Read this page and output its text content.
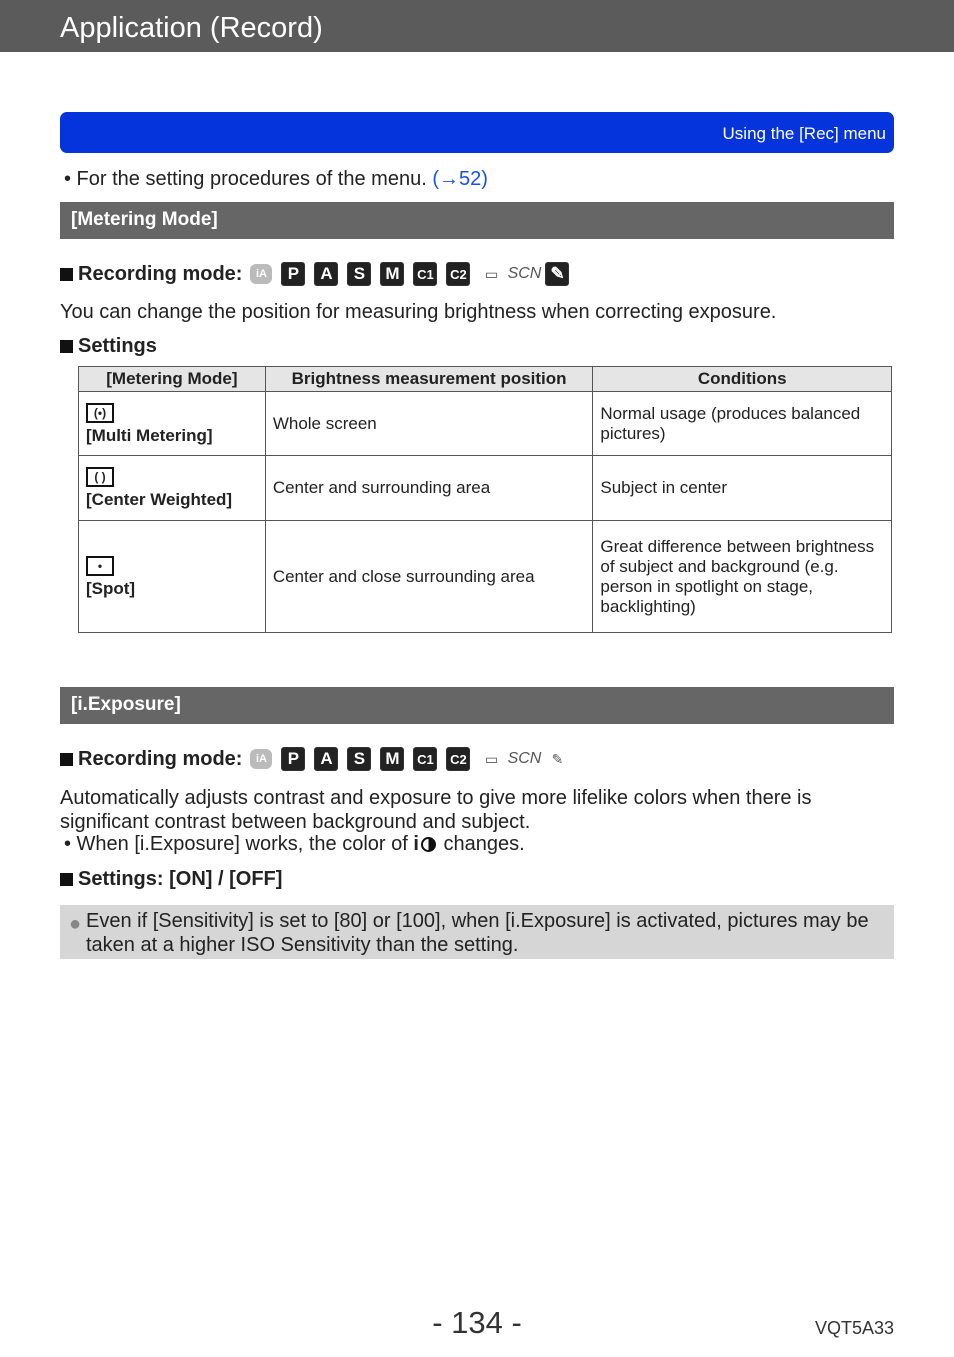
Application (Record)
Using the [Rec] menu
• For the setting procedures of the menu. (→52)
[Metering Mode]
Recording mode:	iA	P	A	S	M	C1 C2	▭ SCN ✎
You can change the position for measuring brightness when correcting exposure.
Settings
[Metering Mode]	Brightness measurement position	Conditions
(•)
[Multi Metering]	Whole screen	Normal usage (produces balanced pictures)
( )
[Center Weighted]	Center and surrounding area	Subject in center
•
[Spot]	Center and close surrounding area	Great difference between brightness of subject and background (e.g. person in spotlight on stage, backlighting)
[i.Exposure]
Recording mode:	iA	P	A	S	M	C1 C2	▭ SCN ✎
Automatically adjusts contrast and exposure to give more lifelike colors when there is significant contrast between background and subject.
• When [i.Exposure] works, the color of i changes.
Settings: [ON] / [OFF]
● Even if [Sensitivity] is set to [80] or [100], when [i.Exposure] is activated, pictures may be taken at a higher ISO Sensitivity than the setting.
- 134 -	VQT5A33
